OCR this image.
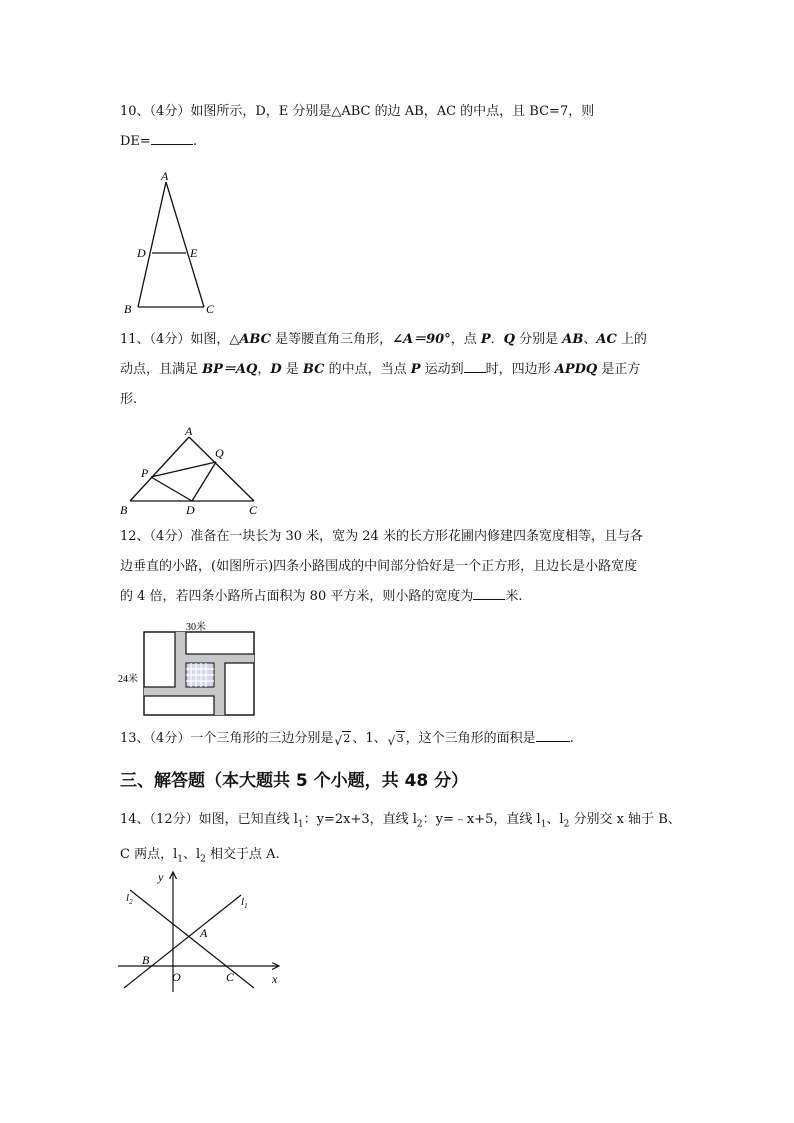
10、（4分）如图所示，D，E 分别是△ABC 的边 AB，AC 的中点，且 BC=7，则
DE=	.
A
D	E
B	C
11、（4分）如图，△ABC 是等腰直角三角形，∠A＝90°，点 P．Q 分别是 AB、AC 上的
动点，且满足 BP＝AQ，D 是 BC 的中点，当点 P 运动到 时，四边形 APDQ 是正方
形.
A
Q
P
B	D	C
12、（4分）准备在一块长为 30 米，宽为 24 米的长方形花圃内修建四条宽度相等，且与各
边垂直的小路，(如图所示)四条小路围成的中间部分恰好是一个正方形，且边长是小路宽度
的 4 倍，若四条小路所占面积为 80 平方米，则小路的宽度为 米.
30米
24米
13、（4分）一个三角形的三边分别是 √ 2 、1、 √ 3 ，这个三角形的面积是	.
三、解答题（本大题共 5 个小题，共 48 分）
14、（12分）如图，已知直线 $l_1$：y=2x+3，直线 $l_2$：y=﹣x+5，直线 $l_1$、$l_2$ 分别交 x 轴于 B、
C 两点，$l_1$、$l_2$ 相交于点 A.
y
x
O
A
B
C
$l_2$	$l_1$
